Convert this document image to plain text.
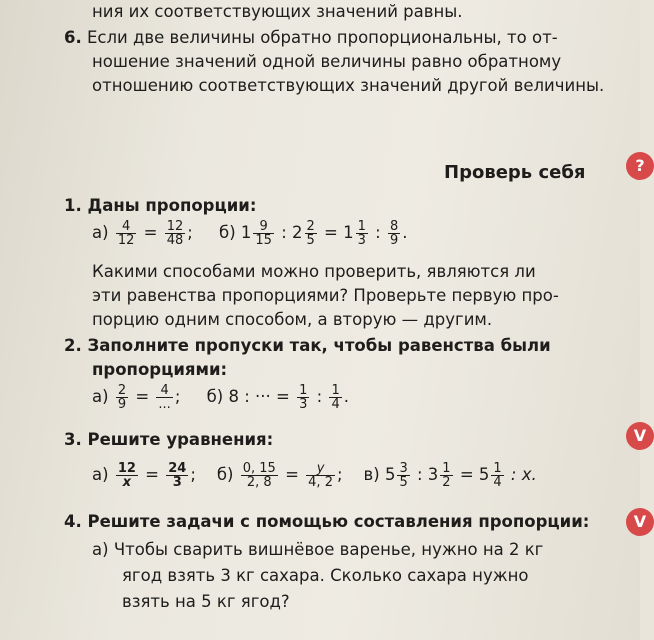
ния их соответствующих значений равны.
6. Если две величины обратно пропорциональны, то от-
ношение значений одной величины равно обратному
отношению соответствующих значений другой величины.
Проверь себя
1. Даны пропорции:
$а) \frac{4}{12} = \frac{12}{48}$ ; б) $1 \frac{9}{15}$ : $2 \frac{2}{5} = 1 \frac{1}{3}$ : $\frac{8}{9}$ .
Какими способами можно проверить, являются ли
эти равенства пропорциями? Проверьте первую про-
порцию одним способом, а вторую — другим.
2. Заполните пропуски так, чтобы равенства были
пропорциями:
$а) \frac{2}{9} = \frac{4}{...}$ ; б) 8 : ··· = $\frac{1}{3}$ : $\frac{1}{4}$ .
3. Решите уравнения:
$а) \frac{12}{x} = \frac{24}{3}$ ; $б) \frac{0, 15}{2, 8} = \frac{y}{4, 2}$ ; в) $5 \frac{3}{5}$ : $3 \frac{1}{2} = 5 \frac{1}{4}$ : x.
4. Решите задачи с помощью составления пропорции:
а) Чтобы сварить вишнёвое варенье, нужно на 2 кг
ягод взять 3 кг сахара. Сколько сахара нужно
взять на 5 кг ягод?
?
V
V
